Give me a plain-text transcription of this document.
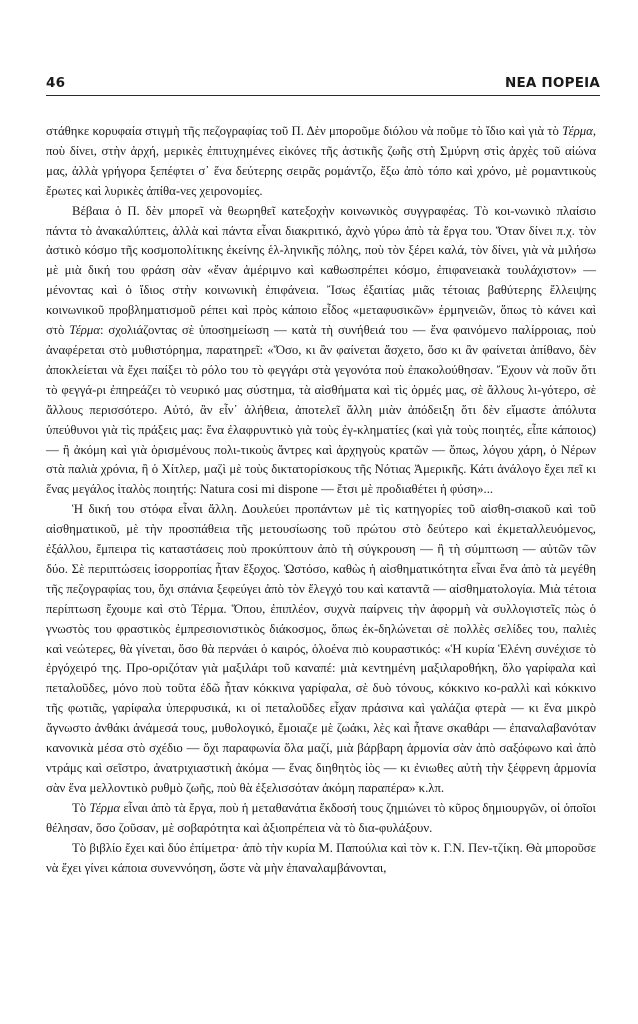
46	ΝΕΑ ΠΟΡΕΙΑ

στάθηκε κορυφαία στιγμὴ τῆς πεζογραφίας τοῦ Π. Δὲν μποροῦμε διόλου νὰ ποῦμε τὸ ἴδιο καὶ γιὰ τὸ Τέρμα, ποὺ δίνει, στὴν ἀρχή, μερικὲς ἐπιτυχημένες εἰκόνες τῆς ἀστικῆς ζωῆς στὴ Σμύρνη στὶς ἀρχὲς τοῦ αἰώνα μας, ἀλλὰ γρήγορα ξεπέφτει σ᾿ ἕνα δεύτερης σειρᾶς ρομάντζο, ἔξω ἀπὸ τόπο καὶ χρόνο, μὲ ρομαντικοὺς ἔρωτες καὶ λυρικὲς ἀπίθα-νες χειρονομίες.

Βέβαια ὁ Π. δὲν μπορεῖ νὰ θεωρηθεῖ κατεξοχὴν κοινωνικὸς συγγραφέας. Τὸ κοι-νωνικὸ πλαίσιο πάντα τὸ ἀνακαλύπτεις, ἀλλὰ καὶ πάντα εἶναι διακριτικό, ἀχνὸ γύρω ἀπὸ τὰ ἔργα του. Ὅταν δίνει π.χ. τὸν ἀστικὸ κόσμο τῆς κοσμοπολίτικης ἐκείνης ἑλ-ληνικῆς πόλης, ποὺ τὸν ξέρει καλά, τὸν δίνει, γιὰ νὰ μιλήσω μὲ μιὰ δική του φράση σὰν «ἕναν ἀμέριμνο καὶ καθωσπρέπει κόσμο, ἐπιφανειακὰ τουλάχιστον» — μένοντας καὶ ὁ ἴδιος στὴν κοινωνικὴ ἐπιφάνεια. Ἴσως ἐξαιτίας μιᾶς τέτοιας βαθύτερης ἔλλειψης κοινωνικοῦ προβληματισμοῦ ρέπει καὶ πρὸς κάποιο εἶδος «μεταφυσικῶν» ἑρμηνειῶν, ὅπως τὸ κάνει καὶ στὸ Τέρμα: σχολιάζοντας σὲ ὑποσημείωση — κατὰ τὴ συνήθειά του — ἕνα φαινόμενο παλίρροιας, ποὺ ἀναφέρεται στὸ μυθιστόρημα, παρατηρεῖ: «Ὅσο, κι ἂν φαίνεται ἄσχετο, ὅσο κι ἂν φαίνεται ἀπίθανο, δὲν ἀποκλείεται νὰ ἔχει παίξει τὸ ρόλο του τὸ φεγγάρι στὰ γεγονότα ποὺ ἐπακολούθησαν. Ἔχουν νὰ ποῦν ὅτι τὸ φεγγά-ρι ἐπηρεάζει τὸ νευρικό μας σύστημα, τὰ αἰσθήματα καὶ τὶς ὁρμές μας, σὲ ἄλλους λι-γότερο, σὲ ἄλλους περισσότερο. Αὐτό, ἂν εἶν᾿ ἀλήθεια, ἀποτελεῖ ἄλλη μιὰν ἀπόδειξη ὅτι δὲν εἴμαστε ἀπόλυτα ὑπεύθυνοι γιὰ τὶς πράξεις μας: ἕνα ἐλαφρυντικὸ γιὰ τοὺς ἐγ-κληματίες (καὶ γιὰ τοὺς ποιητές, εἶπε κάποιος) — ἢ ἀκόμη καὶ γιὰ ὁρισμένους πολι-τικοὺς ἄντρες καὶ ἀρχηγοὺς κρατῶν — ὅπως, λόγου χάρη, ὁ Νέρων στὰ παλιὰ χρόνια, ἢ ὁ Χίτλερ, μαζὶ μὲ τοὺς δικτατορίσκους τῆς Νότιας Ἀμερικῆς. Κάτι ἀνάλογο ἔχει πεῖ κι ἕνας μεγάλος ἰταλὸς ποιητής: Natura cosi mi dispone — ἔτσι μὲ προδιαθέτει ἡ φύση»...

Ἡ δική του στόφα εἶναι ἄλλη. Δουλεύει προπάντων μὲ τὶς κατηγορίες τοῦ αἰσθη-σιακοῦ καὶ τοῦ αἰσθηματικοῦ, μὲ τὴν προσπάθεια τῆς μετουσίωσης τοῦ πρώτου στὸ δεύτερο καὶ ἐκμεταλλευόμενος, ἐξάλλου, ἔμπειρα τὶς καταστάσεις ποὺ προκύπτουν ἀπὸ τὴ σύγκρουση — ἢ τὴ σύμπτωση — αὐτῶν τῶν δύο. Σὲ περιπτώσεις ἰσορροπίας ἦταν ἔξοχος. Ὡστόσο, καθὼς ἡ αἰσθηματικότητα εἶναι ἕνα ἀπὸ τὰ μεγέθη τῆς πεζογραφίας του, ὄχι σπάνια ξεφεύγει ἀπὸ τὸν ἔλεγχό του καὶ καταντᾶ — αἰσθηματολογία. Μιὰ τέτοια περίπτωση ἔχουμε καὶ στὸ Τέρμα. Ὅπου, ἐπιπλέον, συχνὰ παίρνεις τὴν ἀφορμὴ νὰ συλλογιστεῖς πὼς ὁ γνωστὸς του φραστικὸς ἐμπρεσιονιστικὸς διάκοσμος, ὅπως ἐκ-δηλώνεται σὲ πολλὲς σελίδες του, παλιὲς καὶ νεώτερες, θὰ γίνεται, ὅσο θὰ περνάει ὁ καιρός, ὁλοένα πιὸ κουραστικός: «Ἡ κυρία Ἑλένη συνέχισε τὸ ἐργόχειρό της. Προ-οριζόταν γιὰ μαξιλάρι τοῦ καναπέ: μιὰ κεντημένη μαξιλαροθήκη, ὅλο γαρίφαλα καὶ πεταλοῦδες, μόνο ποὺ τοῦτα ἐδῶ ἦταν κόκκινα γαρίφαλα, σὲ δυὸ τόνους, κόκκινο κο-ραλλὶ καὶ κόκκινο τῆς φωτιᾶς, γαρίφαλα ὑπερφυσικά, κι οἱ πεταλοῦδες εἶχαν πράσινα καὶ γαλάζια φτερὰ — κι ἕνα μικρὸ ἄγνωστο ἀνθάκι ἀνάμεσά τους, μυθολογικό, ἔμοιαζε μὲ ζωάκι, λὲς καὶ ἦτανε σκαθάρι — ἐπαναλαβανόταν κανονικὰ μέσα στὸ σχέδιο — ὄχι παραφωνία ὅλα μαζί, μιὰ βάρβαρη ἁρμονία σὰν ἀπὸ σαξόφωνο καὶ ἀπὸ ντράμς καὶ σεῖστρο, ἀνατριχιαστικὴ ἀκόμα — ἕνας διηθητὸς ἰὸς — κι ἐνιωθες αὐτὴ τὴν ξέφρενη ἁρμονία σὰν ἕνα μελλοντικὸ ρυθμὸ ζωῆς, ποὺ θὰ ἐξελισσόταν ἀκόμη παραπέρα» κ.λπ.

Τὸ Τέρμα εἶναι ἀπὸ τὰ ἔργα, ποὺ ἡ μεταθανάτια ἔκδοσή τους ζημιώνει τὸ κῦρος δημιουργῶν, οἱ ὁποῖοι θέλησαν, ὅσο ζοῦσαν, μὲ σοβαρότητα καὶ ἀξιοπρέπεια νὰ τὸ δια-φυλάξουν.

Τὸ βιβλίο ἔχει καὶ δύο ἐπίμετρα· ἀπὸ τὴν κυρία Μ. Παπούλια καὶ τὸν κ. Γ.Ν. Πεν-τζίκη. Θὰ μποροῦσε νὰ ἔχει γίνει κάποια συνεννόηση, ὥστε νὰ μὴν ἐπαναλαμβάνονται,
